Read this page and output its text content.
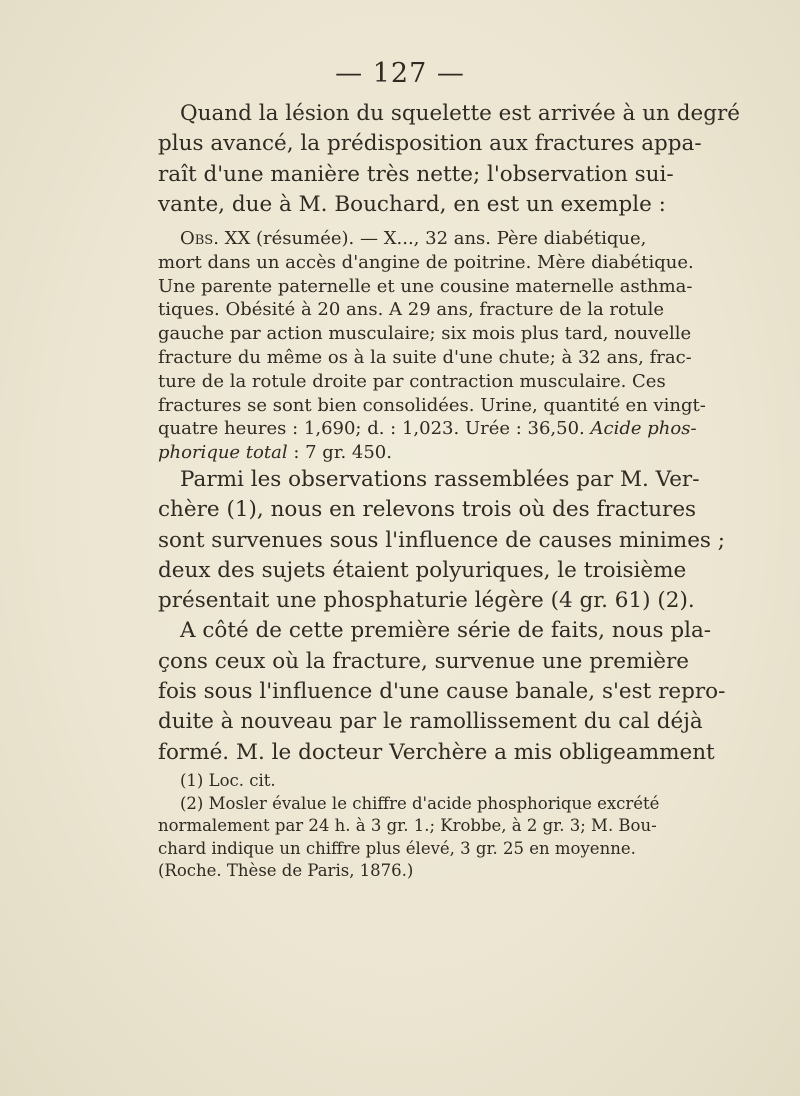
— 127 —

Quand la lésion du squelette est arrivée à un degré
plus avancé, la prédisposition aux fractures appa-
raît d'une manière très nette; l'observation sui-
vante, due à M. Bouchard, en est un exemple :

Obs. XX (résumée). — X..., 32 ans. Père diabétique,
mort dans un accès d'angine de poitrine. Mère diabétique.
Une parente paternelle et une cousine maternelle asthma-
tiques. Obésité à 20 ans. A 29 ans, fracture de la rotule
gauche par action musculaire; six mois plus tard, nouvelle
fracture du même os à la suite d'une chute; à 32 ans, frac-
ture de la rotule droite par contraction musculaire. Ces
fractures se sont bien consolidées. Urine, quantité en vingt-
quatre heures : 1,690; d. : 1,023. Urée : 36,50. Acide phos-
phorique total : 7 gr. 450.

Parmi les observations rassemblées par M. Ver-
chère (1), nous en relevons trois où des fractures
sont survenues sous l'influence de causes minimes ;
deux des sujets étaient polyuriques, le troisième
présentait une phosphaturie légère (4 gr. 61) (2).
A côté de cette première série de faits, nous pla-
çons ceux où la fracture, survenue une première
fois sous l'influence d'une cause banale, s'est repro-
duite à nouveau par le ramollissement du cal déjà
formé. M. le docteur Verchère a mis obligeamment

(1) Loc. cit.
(2) Mosler évalue le chiffre d'acide phosphorique excrété
normalement par 24 h. à 3 gr. 1.; Krobbe, à 2 gr. 3; M. Bou-
chard indique un chiffre plus élevé, 3 gr. 25 en moyenne.
(Roche. Thèse de Paris, 1876.)
